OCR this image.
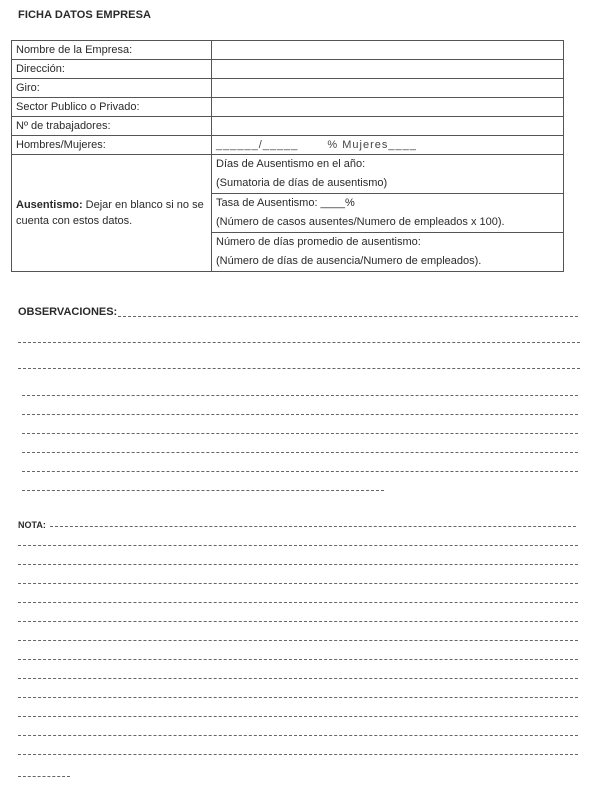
FICHA DATOS EMPRESA
Nombre de la Empresa:	
Dirección:	
Giro:	
Sector Publico o Privado:	
Nº de trabajadores:	
Hombres/Mujeres:	______/_____ % Mujeres____
Ausentismo: Dejar en blanco si no se cuenta con estos datos.	Días de Ausentismo en el año:
(Sumatoria de días de ausentismo)

	Tasa de Ausentismo: ____%
(Número de casos ausentes/Numero de empleados x 100).

	Número de días promedio de ausentismo:
(Número de días de ausencia/Numero de empleados).
OBSERVACIONES:
NOTA:
